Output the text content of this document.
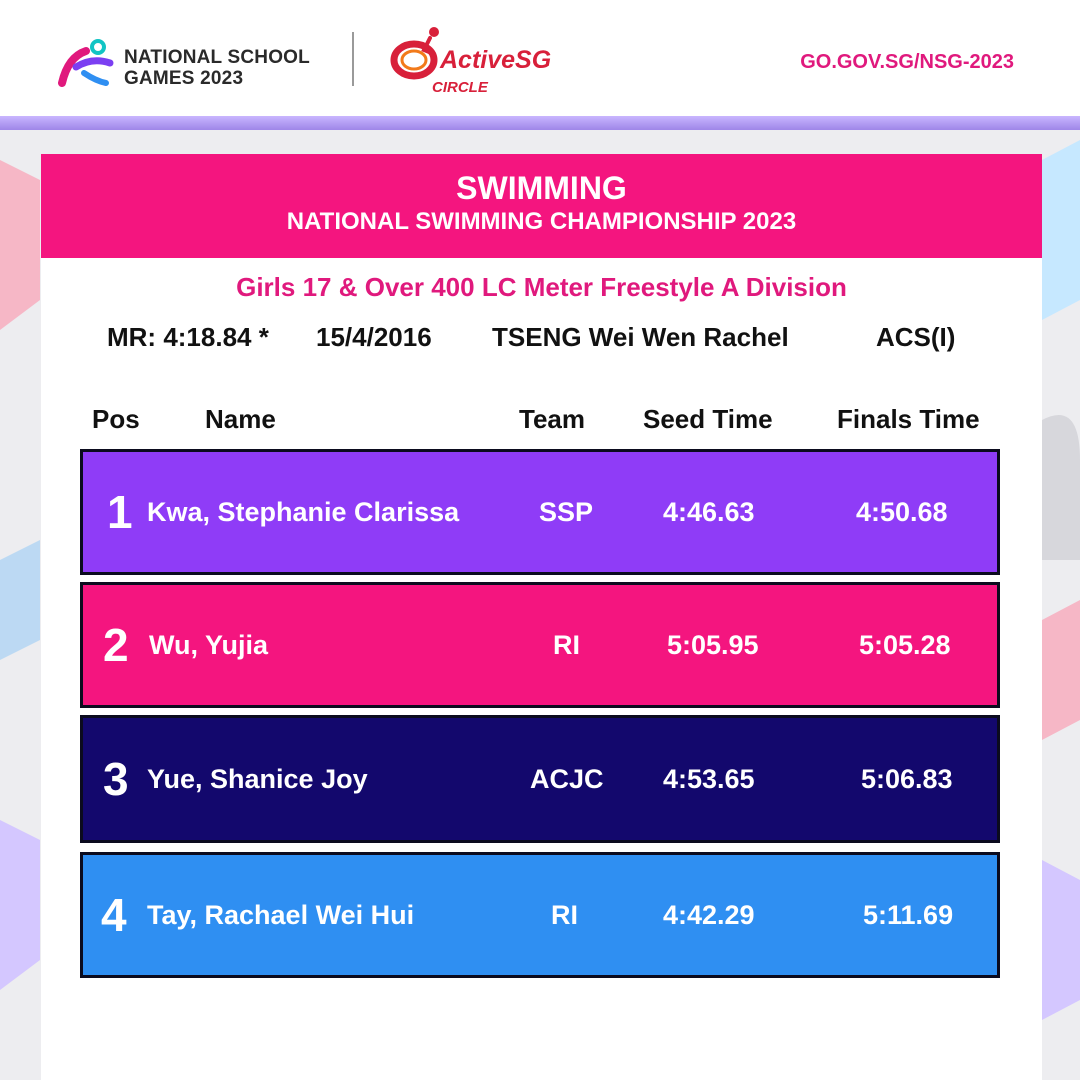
NATIONAL SCHOOL
GAMES 2023
ActiveSG
CIRCLE
GO.GOV.SG/NSG-2023
SWIMMING
NATIONAL SWIMMING CHAMPIONSHIP 2023
Girls 17 & Over 400 LC Meter Freestyle A Division
MR: 4:18.84 * 15/4/2016 TSENG Wei Wen Rachel	ACS(I)
Pos	Name	Team Seed Time Finals Time
1 Kwa, Stephanie Clarissa	SSP	4:46.63	4:50.68
2 Wu, Yujia	RI	5:05.95	5:05.28
3 Yue, Shanice Joy	ACJC 4:53.65	5:06.83
4 Tay, Rachael Wei Hui	RI	4:42.29	5:11.69
